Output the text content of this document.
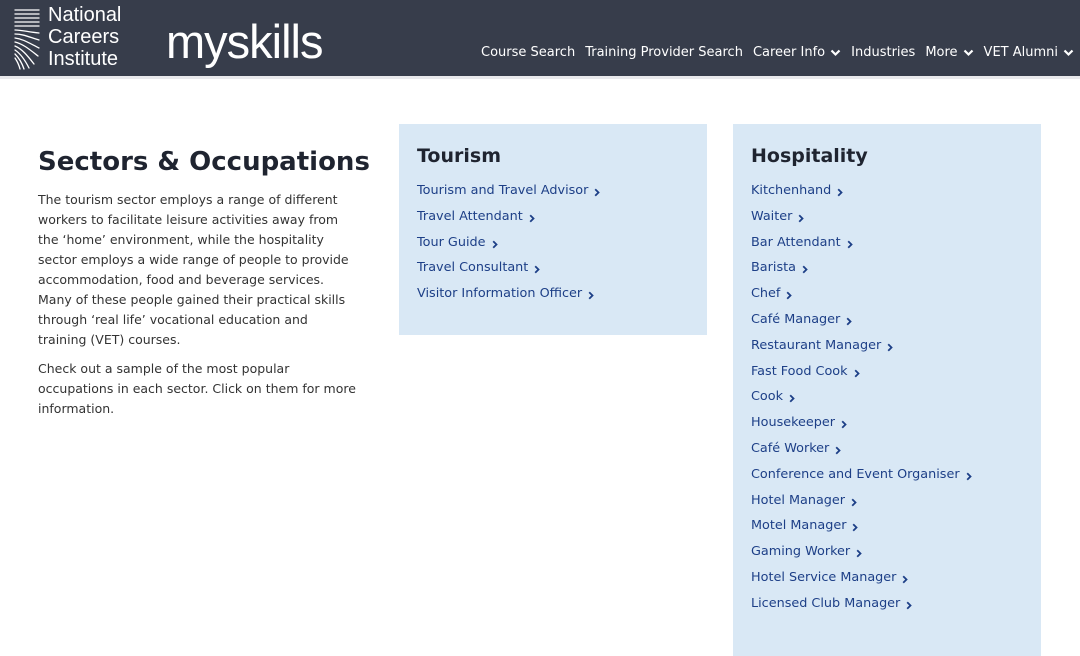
National
Careers
Institute myskills	Course Search Training Provider Search Career Info Industries More VET Alumni
Sectors & Occupations

The tourism sector employs a range of different workers to facilitate leisure activities away from the ‘home’ environment, while the hospitality sector employs a wide range of people to provide accommodation, food and beverage services. Many of these people gained their practical skills through ‘real life’ vocational education and training (VET) courses.

Check out a sample of the most popular occupations in each sector. Click on them for more information.

Tourism
Tourism and Travel Advisor
Travel Attendant
Tour Guide
Travel Consultant
Visitor Information Officer
Hospitality
Kitchenhand
Waiter
Bar Attendant
Barista
Chef
Café Manager
Restaurant Manager
Fast Food Cook
Cook
Housekeeper
Café Worker
Conference and Event Organiser
Hotel Manager
Motel Manager
Gaming Worker
Hotel Service Manager
Licensed Club Manager
